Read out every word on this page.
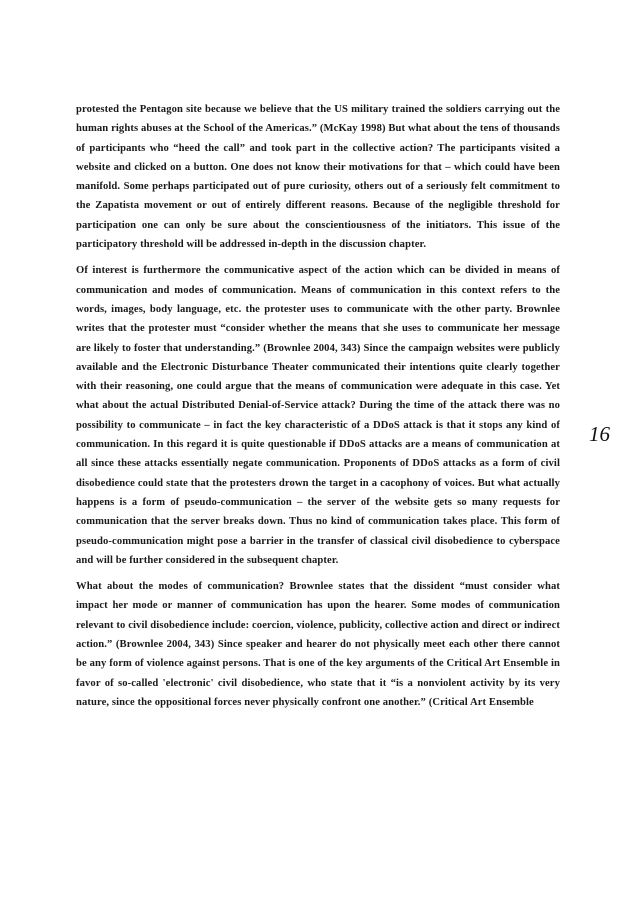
protested the Pentagon site because we believe that the US military trained the soldiers carrying out the human rights abuses at the School of the Americas.” (McKay 1998) But what about the tens of thousands of participants who “heed the call” and took part in the collective action? The participants visited a website and clicked on a button. One does not know their motivations for that – which could have been manifold. Some perhaps participated out of pure curiosity, others out of a seriously felt commitment to the Zapatista movement or out of entirely different reasons. Because of the negligible threshold for participation one can only be sure about the conscientiousness of the initiators. This issue of the participatory threshold will be addressed in-depth in the discussion chapter.

Of interest is furthermore the communicative aspect of the action which can be divided in means of communication and modes of communication. Means of communication in this context refers to the words, images, body language, etc. the protester uses to communicate with the other party. Brownlee writes that the protester must “consider whether the means that she uses to communicate her message are likely to foster that understanding.” (Brownlee 2004, 343) Since the campaign websites were publicly available and the Electronic Disturbance Theater communicated their intentions quite clearly together with their reasoning, one could argue that the means of communication were adequate in this case. Yet what about the actual Distributed Denial-of-Service attack? During the time of the attack there was no possibility to communicate – in fact the key characteristic of a DDoS attack is that it stops any kind of communication. In this regard it is quite questionable if DDoS attacks are a means of communication at all since these attacks essentially negate communication. Proponents of DDoS attacks as a form of civil disobedience could state that the protesters drown the target in a cacophony of voices. But what actually happens is a form of pseudo-communication – the server of the website gets so many requests for communication that the server breaks down. Thus no kind of communication takes place. This form of pseudo-communication might pose a barrier in the transfer of classical civil disobedience to cyberspace and will be further considered in the subsequent chapter.

What about the modes of communication? Brownlee states that the dissident “must consider what impact her mode or manner of communication has upon the hearer. Some modes of communication relevant to civil disobedience include: coercion, violence, publicity, collective action and direct or indirect action.” (Brownlee 2004, 343) Since speaker and hearer do not physically meet each other there cannot be any form of violence against persons. That is one of the key arguments of the Critical Art Ensemble in favor of so-called 'electronic' civil disobedience, who state that it “is a nonviolent activity by its very nature, since the oppositional forces never physically confront one another.” (Critical Art Ensemble

16
